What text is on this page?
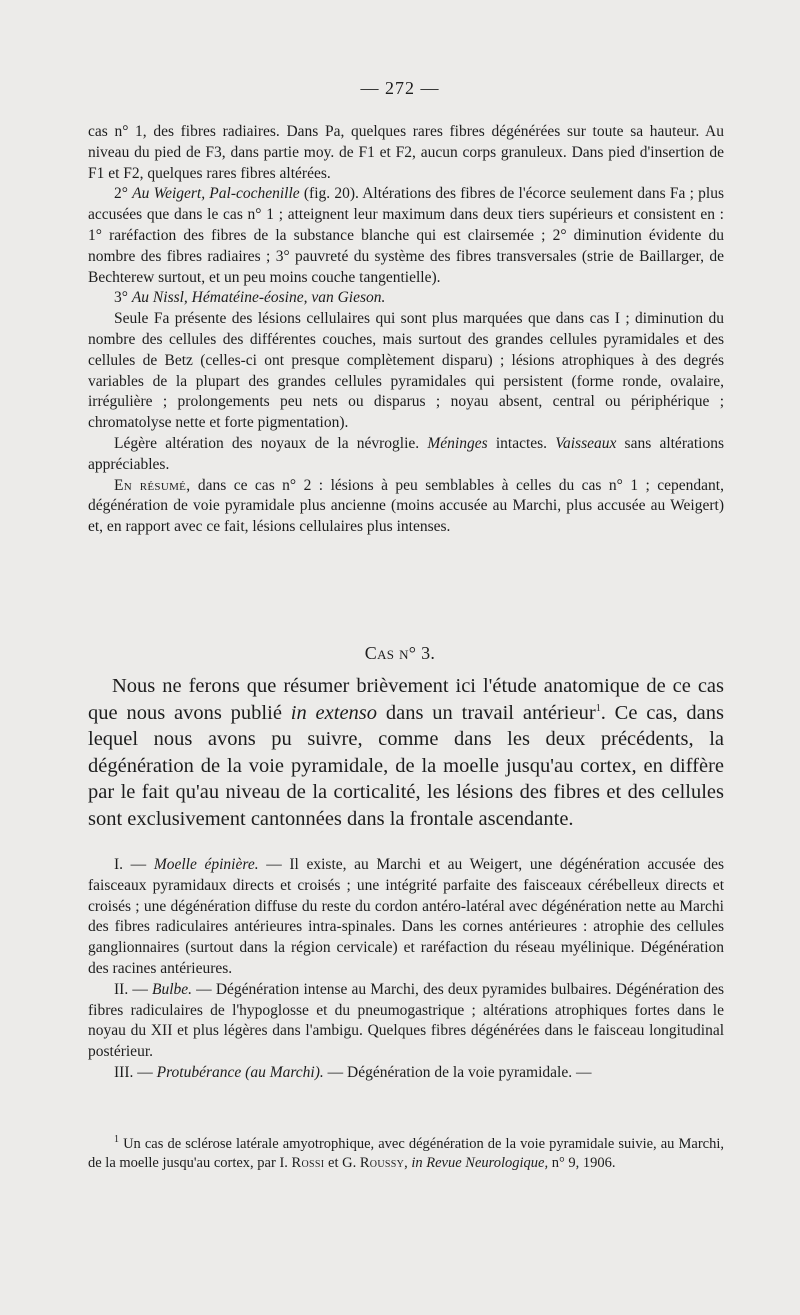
— 272 —

cas n° 1, des fibres radiaires. Dans Pa, quelques rares fibres dégénérées sur toute sa hauteur. Au niveau du pied de F3, dans partie moy. de F1 et F2, aucun corps granuleux. Dans pied d'insertion de F1 et F2, quelques rares fibres altérées.

2° Au Weigert, Pal-cochenille (fig. 20). Altérations des fibres de l'écorce seulement dans Fa ; plus accusées que dans le cas n° 1 ; atteignent leur maximum dans deux tiers supérieurs et consistent en : 1° raréfaction des fibres de la substance blanche qui est clairsemée ; 2° diminution évidente du nombre des fibres radiaires ; 3° pauvreté du système des fibres transversales (strie de Baillarger, de Bechterew surtout, et un peu moins couche tangentielle).

3° Au Nissl, Hématéine-éosine, van Gieson.

Seule Fa présente des lésions cellulaires qui sont plus marquées que dans cas I ; diminution du nombre des cellules des différentes couches, mais surtout des grandes cellules pyramidales et des cellules de Betz (celles-ci ont presque complètement disparu) ; lésions atrophiques à des degrés variables de la plupart des grandes cellules pyramidales qui persistent (forme ronde, ovalaire, irrégulière ; prolongements peu nets ou disparus ; noyau absent, central ou périphérique ; chromatolyse nette et forte pigmentation).

Légère altération des noyaux de la névroglie. Méninges intactes. Vaisseaux sans altérations appréciables.

En résumé, dans ce cas n° 2 : lésions à peu semblables à celles du cas n° 1 ; cependant, dégénération de voie pyramidale plus ancienne (moins accusée au Marchi, plus accusée au Weigert) et, en rapport avec ce fait, lésions cellulaires plus intenses.

Cas n° 3.

Nous ne ferons que résumer brièvement ici l'étude anatomique de ce cas que nous avons publié in extenso dans un travail antérieur$^1$. Ce cas, dans lequel nous avons pu suivre, comme dans les deux précédents, la dégénération de la voie pyramidale, de la moelle jusqu'au cortex, en diffère par le fait qu'au niveau de la corticalité, les lésions des fibres et des cellules sont exclusivement cantonnées dans la frontale ascendante.

I. — Moelle épinière. — Il existe, au Marchi et au Weigert, une dégénération accusée des faisceaux pyramidaux directs et croisés ; une intégrité parfaite des faisceaux cérébelleux directs et croisés ; une dégénération diffuse du reste du cordon antéro-latéral avec dégénération nette au Marchi des fibres radiculaires antérieures intra-spinales. Dans les cornes antérieures : atrophie des cellules ganglionnaires (surtout dans la région cervicale) et raréfaction du réseau myélinique. Dégénération des racines antérieures.

II. — Bulbe. — Dégénération intense au Marchi, des deux pyramides bulbaires. Dégénération des fibres radiculaires de l'hypoglosse et du pneumogastrique ; altérations atrophiques fortes dans le noyau du XII et plus légères dans l'ambigu. Quelques fibres dégénérées dans le faisceau longitudinal postérieur.

III. — Protubérance (au Marchi). — Dégénération de la voie pyramidale. —

$^1$ Un cas de sclérose latérale amyotrophique, avec dégénération de la voie pyramidale suivie, au Marchi, de la moelle jusqu'au cortex, par I. Rossi et G. Roussy, in Revue Neurologique, n° 9, 1906.
